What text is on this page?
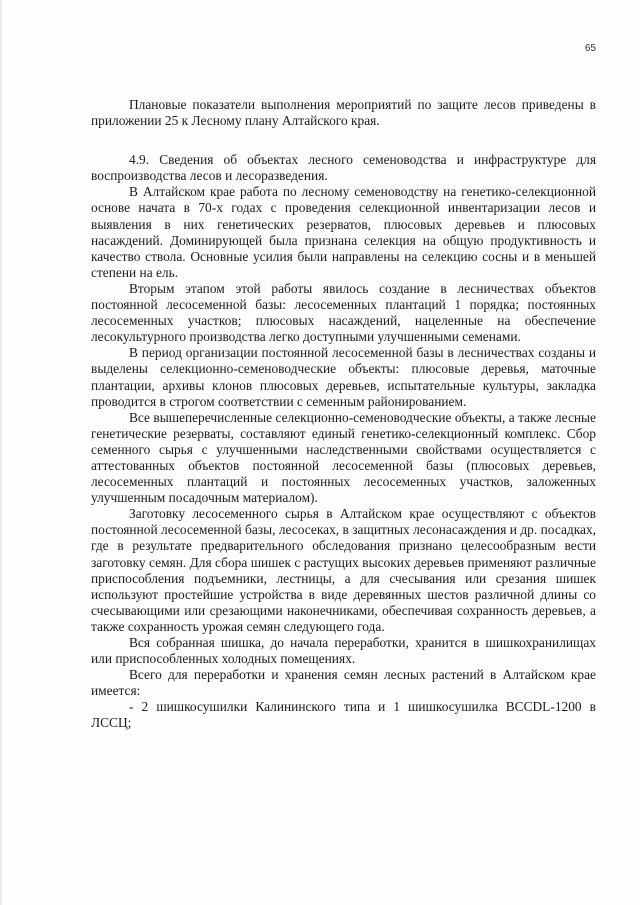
65

Плановые показатели выполнения мероприятий по защите лесов приведены в приложении 25 к Лесному плану Алтайского края.

4.9. Сведения об объектах лесного семеноводства и инфраструктуре для воспроизводства лесов и лесоразведения.

В Алтайском крае работа по лесному семеноводству на генетико-селекционной основе начата в 70-х годах с проведения селекционной инвентаризации лесов и выявления в них генетических резерватов, плюсовых деревьев и плюсовых насаждений. Доминирующей была признана селекция на общую продуктивность и качество ствола. Основные усилия были направлены на селекцию сосны и в меньшей степени на ель.

Вторым этапом этой работы явилось создание в лесничествах объектов постоянной лесосеменной базы: лесосеменных плантаций 1 порядка; постоянных лесосеменных участков; плюсовых насаждений, нацеленные на обеспечение лесокультурного производства легко доступными улучшенными семенами.

В период организации постоянной лесосеменной базы в лесничествах созданы и выделены селекционно-семеноводческие объекты: плюсовые деревья, маточные плантации, архивы клонов плюсовых деревьев, испытательные культуры, закладка проводится в строгом соответствии с семенным районированием.

Все вышеперечисленные селекционно-семеноводческие объекты, а также лесные генетические резерваты, составляют единый генетико-селекционный комплекс. Сбор семенного сырья с улучшенными наследственными свойствами осуществляется с аттестованных объектов постоянной лесосеменной базы (плюсовых деревьев, лесосеменных плантаций и постоянных лесосеменных участков, заложенных улучшенным посадочным материалом).

Заготовку лесосеменного сырья в Алтайском крае осуществляют с объектов постоянной лесосеменной базы, лесосеках, в защитных лесонасаждения и др. посадках, где в результате предварительного обследования признано целесообразным вести заготовку семян. Для сбора шишек с растущих высоких деревьев применяют различные приспособления подъемники, лестницы, а для счесывания или срезания шишек используют простейшие устройства в виде деревянных шестов различной длины со счесывающими или срезающими наконечниками, обеспечивая сохранность деревьев, а также сохранность урожая семян следующего года.

Вся собранная шишка, до начала переработки, хранится в шишкохранилищах или приспособленных холодных помещениях.

Всего для переработки и хранения семян лесных растений в Алтайском крае имеется:

- 2 шишкосушилки Калининского типа и 1 шишкосушилка BCCDL-1200 в ЛССЦ;
